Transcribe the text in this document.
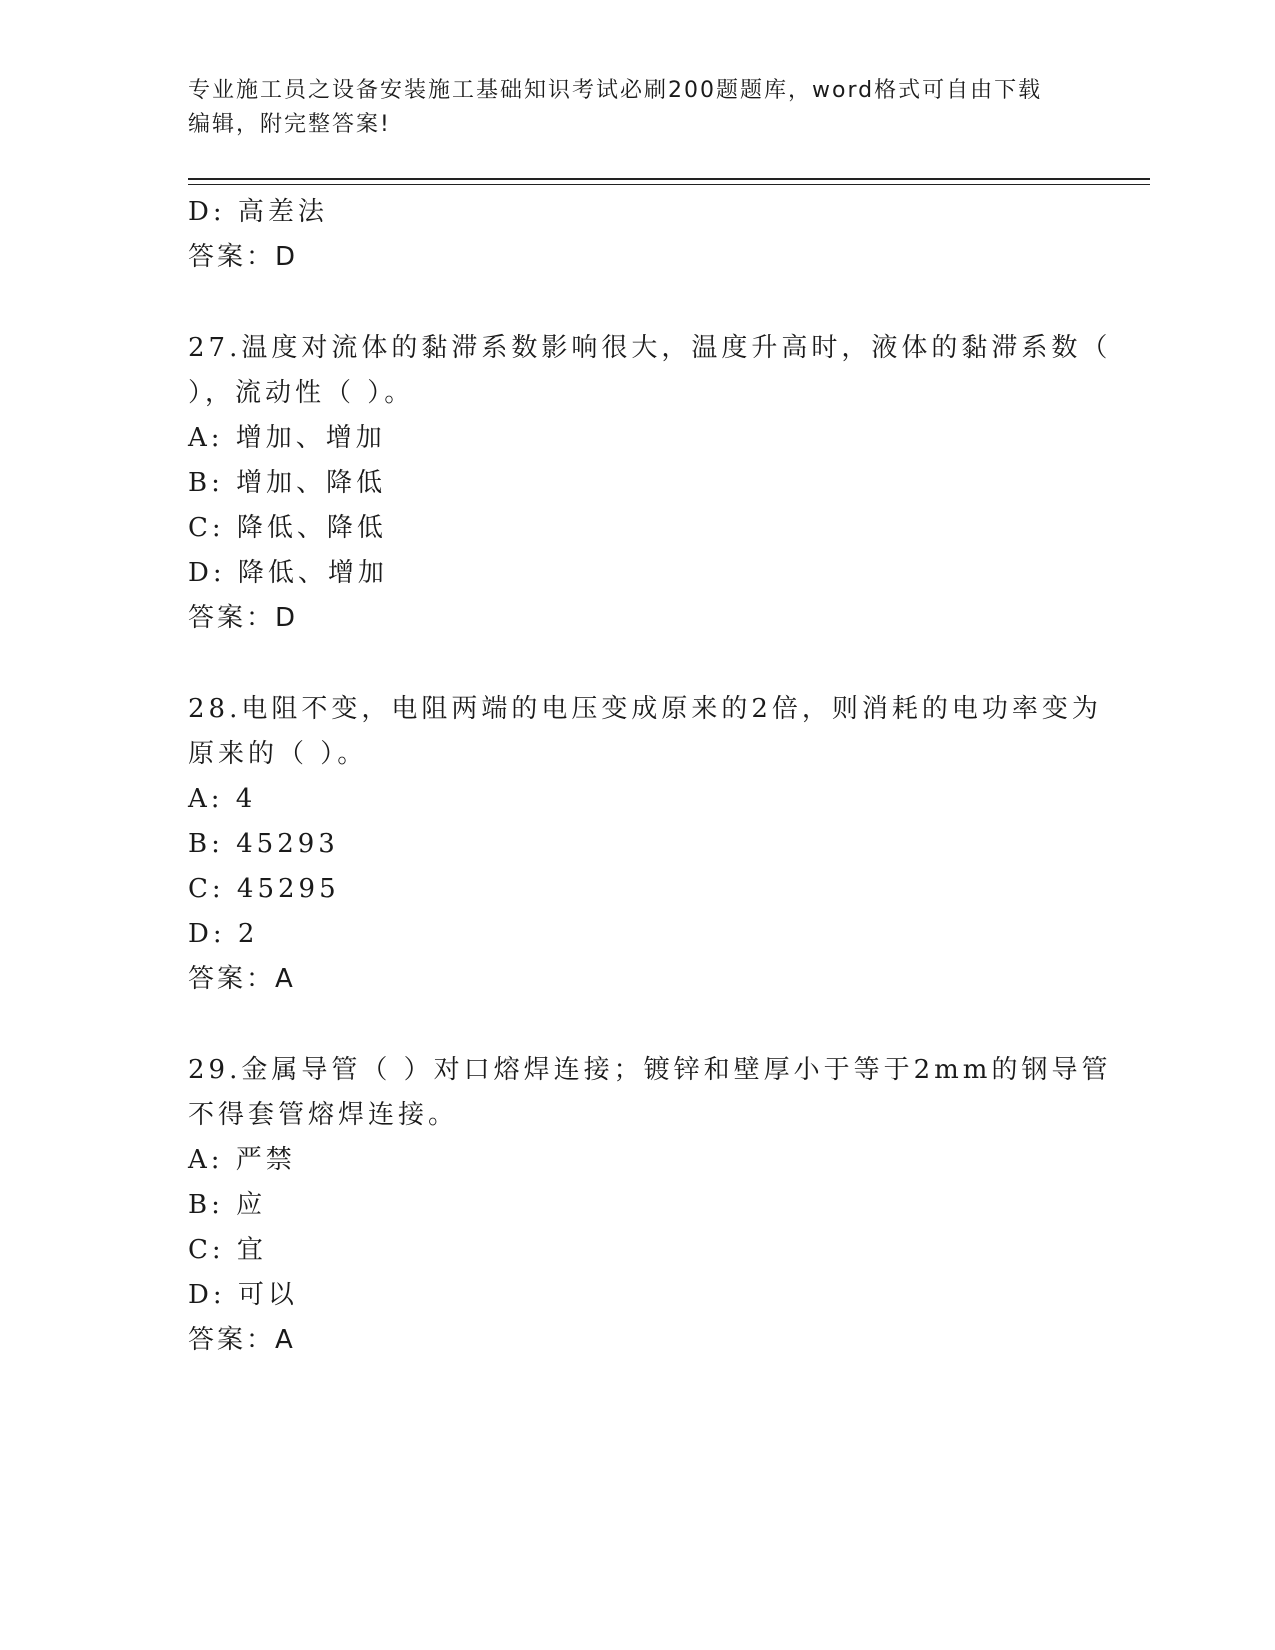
专业施工员之设备安装施工基础知识考试必刷200题题库，word格式可自由下载
编辑，附完整答案!
D: 高差法
答案：D
27.温度对流体的黏滞系数影响很大，温度升高时，液体的黏滞系数（
），流动性（ ）。
A: 增加、增加
B: 增加、降低
C: 降低、降低
D: 降低、增加
答案：D
28.电阻不变，电阻两端的电压变成原来的2倍，则消耗的电功率变为
原来的（ ）。
A: 4
B: 45293
C: 45295
D: 2
答案：A
29.金属导管（ ）对口熔焊连接；镀锌和壁厚小于等于2mm的钢导管
不得套管熔焊连接。
A: 严禁
B: 应
C: 宜
D: 可以
答案：A
